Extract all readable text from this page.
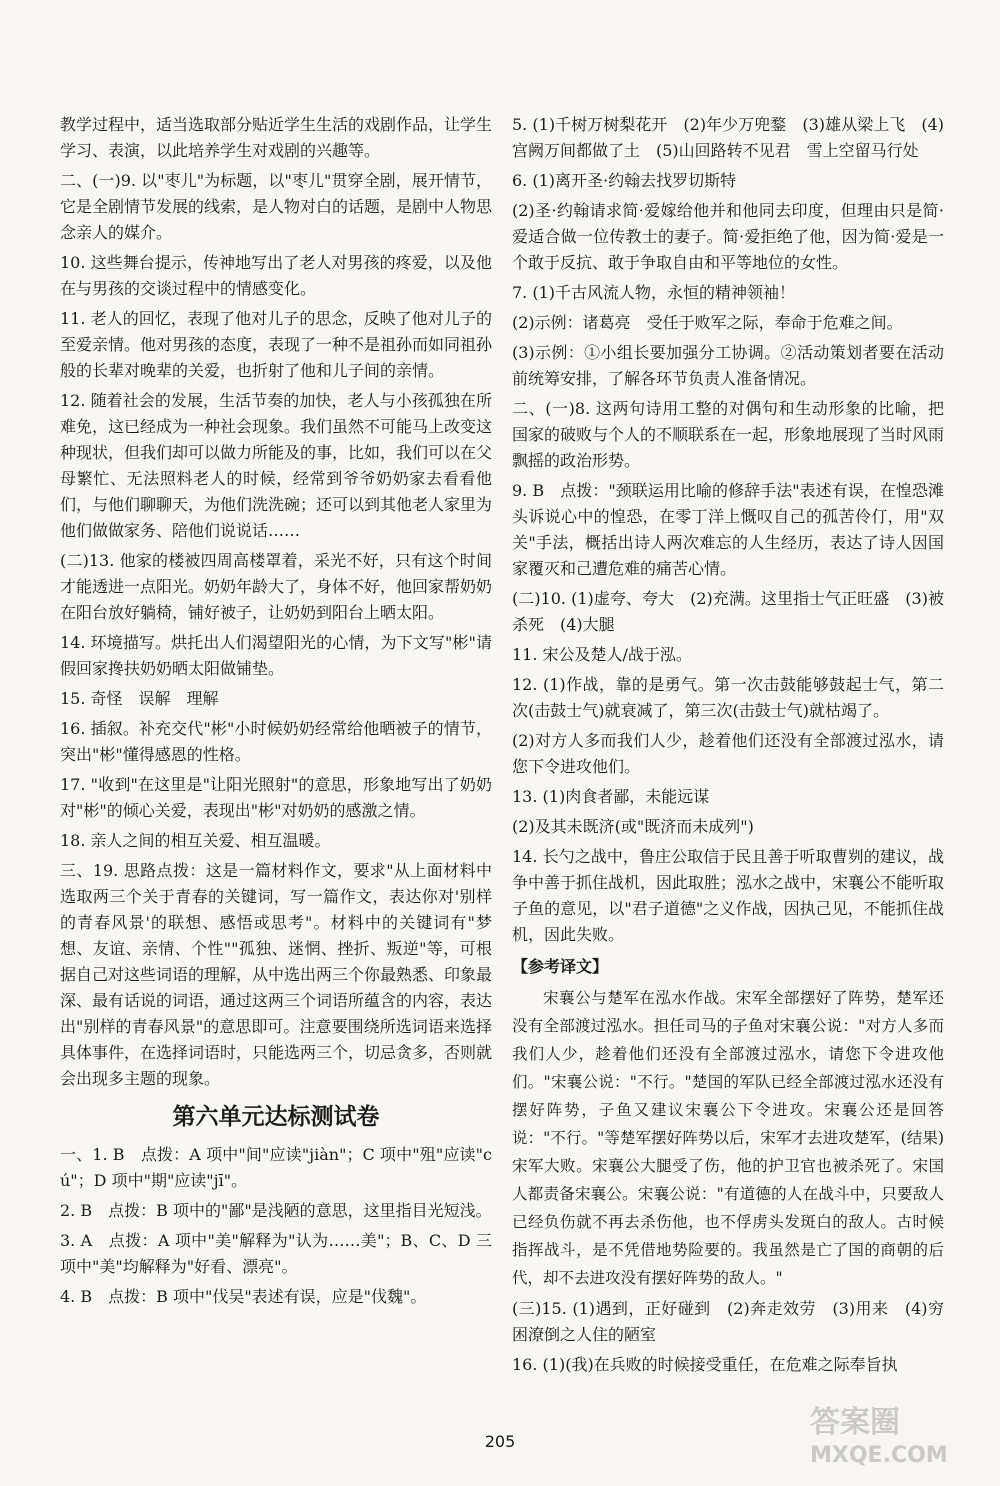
教学过程中，适当选取部分贴近学生生活的戏剧作品，让学生学习、表演，以此培养学生对戏剧的兴趣等。

二、(一)9. 以"枣儿"为标题，以"枣儿"贯穿全剧，展开情节，它是全剧情节发展的线索，是人物对白的话题，是剧中人物思念亲人的媒介。

10. 这些舞台提示，传神地写出了老人对男孩的疼爱，以及他在与男孩的交谈过程中的情感变化。

11. 老人的回忆，表现了他对儿子的思念，反映了他对儿子的至爱亲情。他对男孩的态度，表现了一种不是祖孙而如同祖孙般的长辈对晚辈的关爱，也折射了他和儿子间的亲情。

12. 随着社会的发展，生活节奏的加快，老人与小孩孤独在所难免，这已经成为一种社会现象。我们虽然不可能马上改变这种现状，但我们却可以做力所能及的事，比如，我们可以在父母繁忙、无法照料老人的时候，经常到爷爷奶奶家去看看他们，与他们聊聊天，为他们洗洗碗；还可以到其他老人家里为他们做做家务、陪他们说说话……

(二)13. 他家的楼被四周高楼罩着，采光不好，只有这个时间才能透进一点阳光。奶奶年龄大了，身体不好，他回家帮奶奶在阳台放好躺椅，铺好被子，让奶奶到阳台上晒太阳。

14. 环境描写。烘托出人们渴望阳光的心情，为下文写"彬"请假回家搀扶奶奶晒太阳做铺垫。

15. 奇怪　误解　理解

16. 插叙。补充交代"彬"小时候奶奶经常给他晒被子的情节，突出"彬"懂得感恩的性格。

17. "收到"在这里是"让阳光照射"的意思，形象地写出了奶奶对"彬"的倾心关爱，表现出"彬"对奶奶的感激之情。

18. 亲人之间的相互关爱、相互温暖。

三、19. 思路点拨：这是一篇材料作文，要求"从上面材料中选取两三个关于青春的关键词，写一篇作文，表达你对'别样的青春风景'的联想、感悟或思考"。材料中的关键词有"梦想、友谊、亲情、个性""孤独、迷惘、挫折、叛逆"等，可根据自己对这些词语的理解，从中选出两三个你最熟悉、印象最深、最有话说的词语，通过这两三个词语所蕴含的内容，表达出"别样的青春风景"的意思即可。注意要围绕所选词语来选择具体事件，在选择词语时，只能选两三个，切忌贪多，否则就会出现多主题的现象。

第六单元达标测试卷

一、1. B　点拨：A 项中"间"应读"jiàn"；C 项中"殂"应读"cú"；D 项中"期"应读"jī"。

2. B　点拨：B 项中的"鄙"是浅陋的意思，这里指目光短浅。

3. A　点拨：A 项中"美"解释为"认为……美"；B、C、D 三项中"美"均解释为"好看、漂亮"。

4. B　点拨：B 项中"伐吴"表述有误，应是"伐魏"。

5. (1)千树万树梨花开　(2)年少万兜鍪　(3)雄从梁上飞　(4)宫阙万间都做了土　(5)山回路转不见君　雪上空留马行处

6. (1)离开圣·约翰去找罗切斯特

(2)圣·约翰请求简·爱嫁给他并和他同去印度，但理由只是简·爱适合做一位传教士的妻子。简·爱拒绝了他，因为简·爱是一个敢于反抗、敢于争取自由和平等地位的女性。

7. (1)千古风流人物，永恒的精神领袖！

(2)示例：诸葛亮　受任于败军之际，奉命于危难之间。

(3)示例：①小组长要加强分工协调。②活动策划者要在活动前统筹安排，了解各环节负责人准备情况。

二、(一)8. 这两句诗用工整的对偶句和生动形象的比喻，把国家的破败与个人的不顺联系在一起，形象地展现了当时风雨飘摇的政治形势。

9. B　点拨："颈联运用比喻的修辞手法"表述有误，在惶恐滩头诉说心中的惶恐，在零丁洋上慨叹自己的孤苦伶仃，用"双关"手法，概括出诗人两次难忘的人生经历，表达了诗人因国家覆灭和己遭危难的痛苦心情。

(二)10. (1)虚夸、夸大　(2)充满。这里指士气正旺盛　(3)被杀死　(4)大腿

11. 宋公及楚人/战于泓。

12. (1)作战，靠的是勇气。第一次击鼓能够鼓起士气，第二次(击鼓士气)就衰减了，第三次(击鼓士气)就枯竭了。

(2)对方人多而我们人少，趁着他们还没有全部渡过泓水，请您下令进攻他们。

13. (1)肉食者鄙，未能远谋

(2)及其未既济(或"既济而未成列")

14. 长勺之战中，鲁庄公取信于民且善于听取曹刿的建议，战争中善于抓住战机，因此取胜；泓水之战中，宋襄公不能听取子鱼的意见，以"君子道德"之义作战，因执己见，不能抓住战机，因此失败。

【参考译文】

宋襄公与楚军在泓水作战。宋军全部摆好了阵势，楚军还没有全部渡过泓水。担任司马的子鱼对宋襄公说："对方人多而我们人少，趁着他们还没有全部渡过泓水，请您下令进攻他们。"宋襄公说："不行。"楚国的军队已经全部渡过泓水还没有摆好阵势，子鱼又建议宋襄公下令进攻。宋襄公还是回答说："不行。"等楚军摆好阵势以后，宋军才去进攻楚军，(结果)宋军大败。宋襄公大腿受了伤，他的护卫官也被杀死了。宋国人都责备宋襄公。宋襄公说："有道德的人在战斗中，只要敌人已经负伤就不再去杀伤他，也不俘虏头发斑白的敌人。古时候指挥战斗，是不凭借地势险要的。我虽然是亡了国的商朝的后代，却不去进攻没有摆好阵势的敌人。"

(三)15. (1)遇到，正好碰到　(2)奔走效劳　(3)用来　(4)穷困潦倒之人住的陋室

16. (1)(我)在兵败的时候接受重任，在危难之际奉旨执

205
答案圈
MXQE.COM
